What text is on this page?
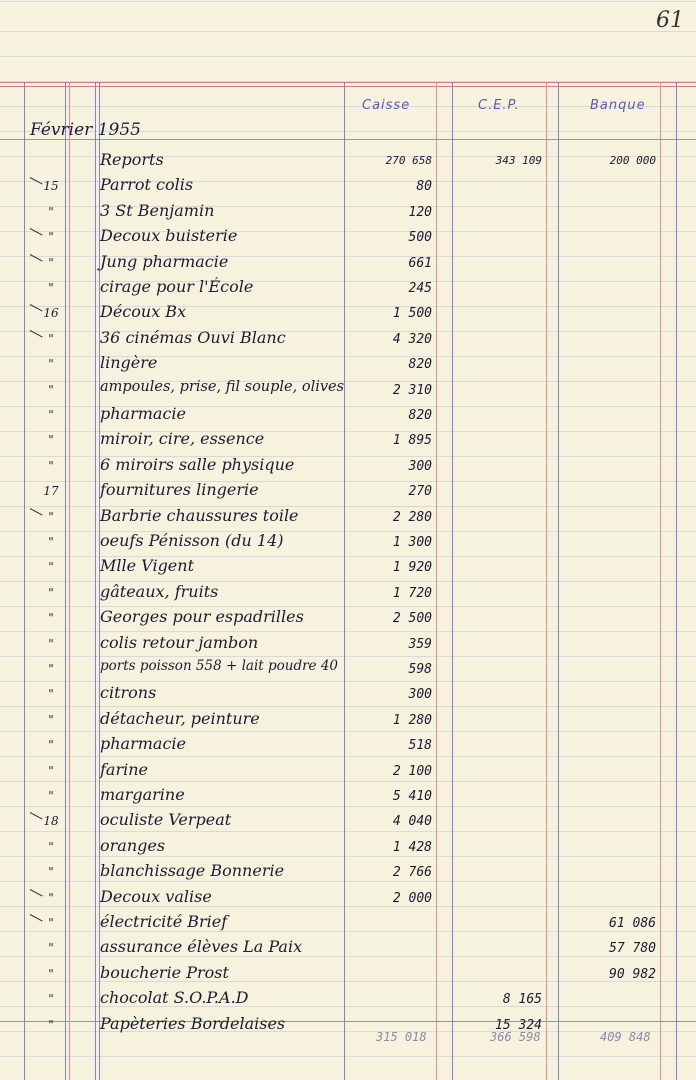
61
Caisse	C.E.P.	Banque
Février 1955
Reports	270 658	343 109	200 000
15	Parrot colis	80
"	3 St Benjamin	120
"	Decoux buisterie	500
"	Jung pharmacie	661
"	cirage pour l'École	245
16	Découx Bx	1 500
"	36 cinémas Ouvi Blanc	4 320
"	lingère	820
"	ampoules, prise, fil souple, olives	2 310
"	pharmacie	820
"	miroir, cire, essence	1 895
"	6 miroirs salle physique	300
17	fournitures lingerie	270
"	Barbrie chaussures toile	2 280
"	oeufs Pénisson (du 14)	1 300
"	Mlle Vigent	1 920
"	gâteaux, fruits	1 720
"	Georges pour espadrilles	2 500
"	colis retour jambon	359
"	ports poisson 558 + lait poudre 40	598
"	citrons	300
"	détacheur, peinture	1 280
"	pharmacie	518
"	farine	2 100
"	margarine	5 410
18	oculiste Verpeat	4 040
"	oranges	1 428
"	blanchissage Bonnerie	2 766
"	Decoux valise	2 000
"	électricité Brief	61 086
"	assurance élèves La Paix	57 780
"	boucherie Prost	90 982
"	chocolat S.O.P.A.D	8 165
"	Papèteries Bordelaises	15 324
315 018	366 598	409 848
